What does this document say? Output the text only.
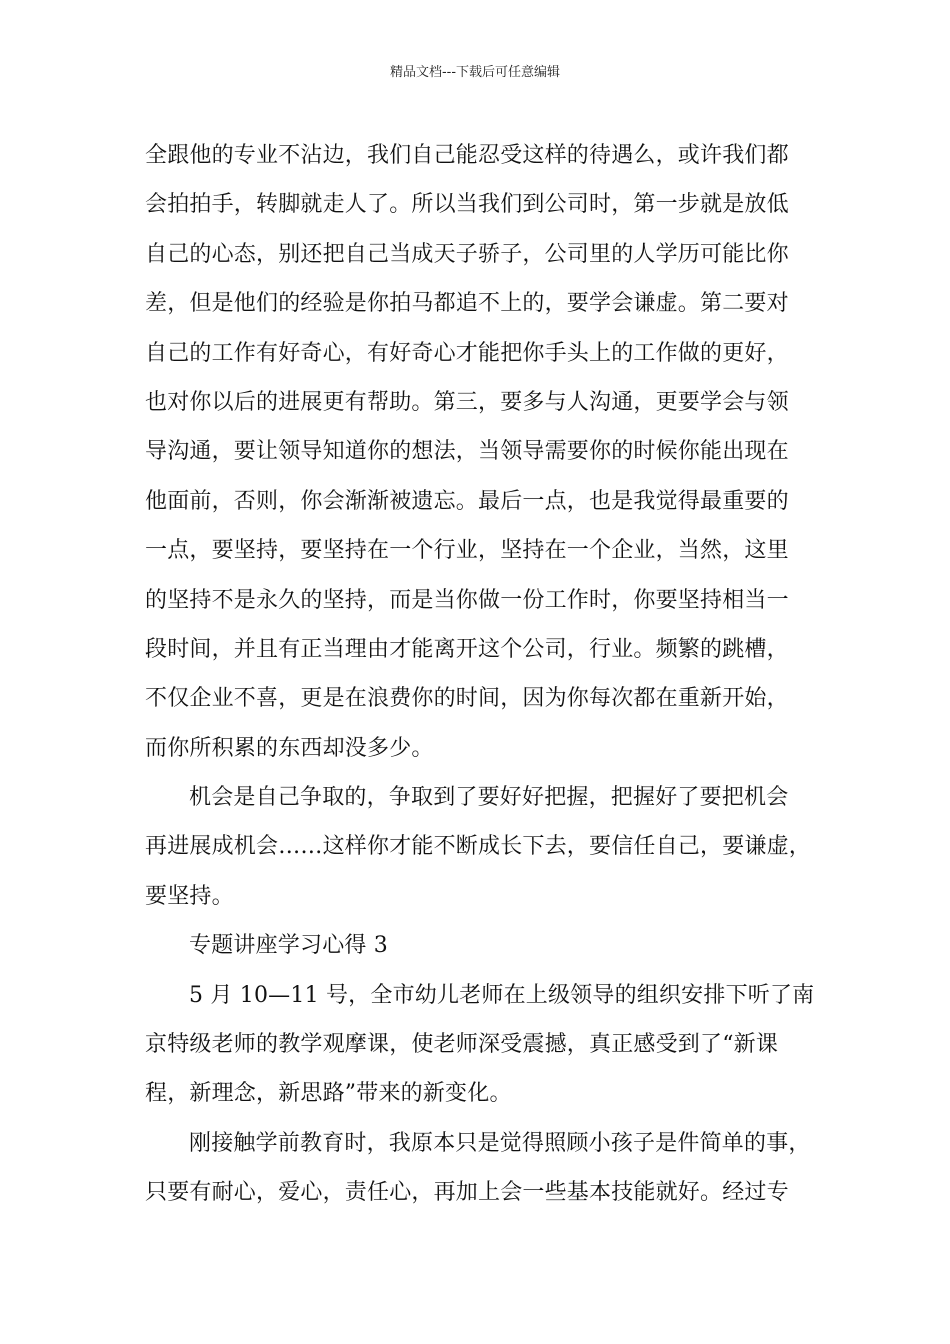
精品文档---下载后可任意编辑
全跟他的专业不沾边，我们自己能忍受这样的待遇么，或许我们都
会拍拍手，转脚就走人了。所以当我们到公司时，第一步就是放低
自己的心态，别还把自己当成天子骄子，公司里的人学历可能比你
差，但是他们的经验是你拍马都追不上的，要学会谦虚。第二要对
自己的工作有好奇心，有好奇心才能把你手头上的工作做的更好，
也对你以后的进展更有帮助。第三，要多与人沟通，更要学会与领
导沟通，要让领导知道你的想法，当领导需要你的时候你能出现在
他面前，否则，你会渐渐被遗忘。最后一点，也是我觉得最重要的
一点，要坚持，要坚持在一个行业，坚持在一个企业，当然，这里
的坚持不是永久的坚持，而是当你做一份工作时，你要坚持相当一
段时间，并且有正当理由才能离开这个公司，行业。频繁的跳槽，
不仅企业不喜，更是在浪费你的时间，因为你每次都在重新开始，
而你所积累的东西却没多少。
机会是自己争取的，争取到了要好好把握，把握好了要把机会
再进展成机会……这样你才能不断成长下去，要信任自己，要谦虚，
要坚持。
专题讲座学习心得 3
5 月 10—11 号，全市幼儿老师在上级领导的组织安排下听了南
京特级老师的教学观摩课，使老师深受震撼，真正感受到了“新课
程，新理念，新思路”带来的新变化。
刚接触学前教育时，我原本只是觉得照顾小孩子是件简单的事，
只要有耐心，爱心，责任心，再加上会一些基本技能就好。经过专
